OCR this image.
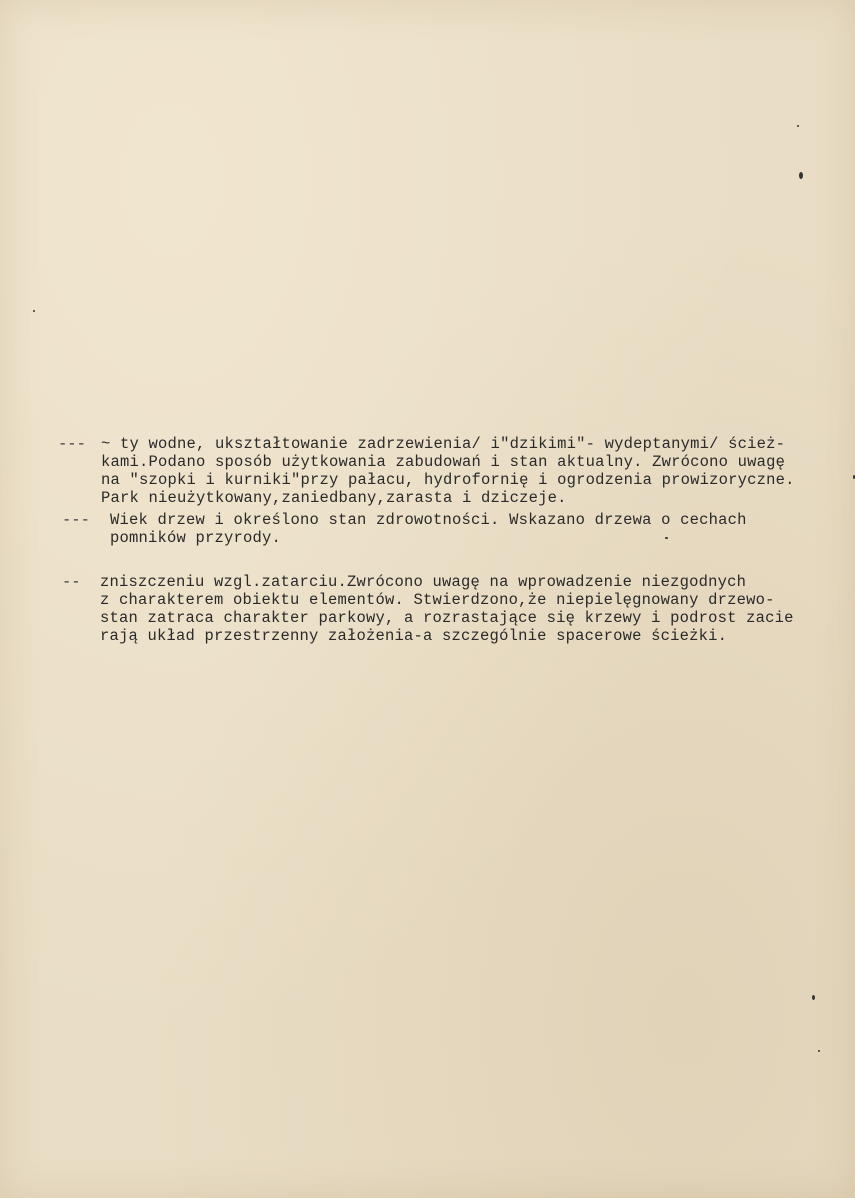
--- ~ ty wodne, ukształtowanie zadrzewienia/ i"dzikimi"- wydeptanymi/ ścież-
kami.Podano sposób użytkowania zabudowań i stan aktualny. Zwrócono uwagę
na "szopki i kurniki"przy pałacu, hydrofornię i ogrodzenia prowizoryczne.
Park nieużytkowany,zaniedbany,zarasta i dziczeje.
--- Wiek drzew i określono stan zdrowotności. Wskazano drzewa o cechach
pomników przyrody.
-- zniszczeniu wzgl.zatarciu.Zwrócono uwagę na wprowadzenie niezgodnych
z charakterem obiektu elementów. Stwierdzono,że niepielęgnowany drzewo-
stan zatraca charakter parkowy, a rozrastające się krzewy i podrost zacie
rają układ przestrzenny założenia-a szczególnie spacerowe ścieżki.
